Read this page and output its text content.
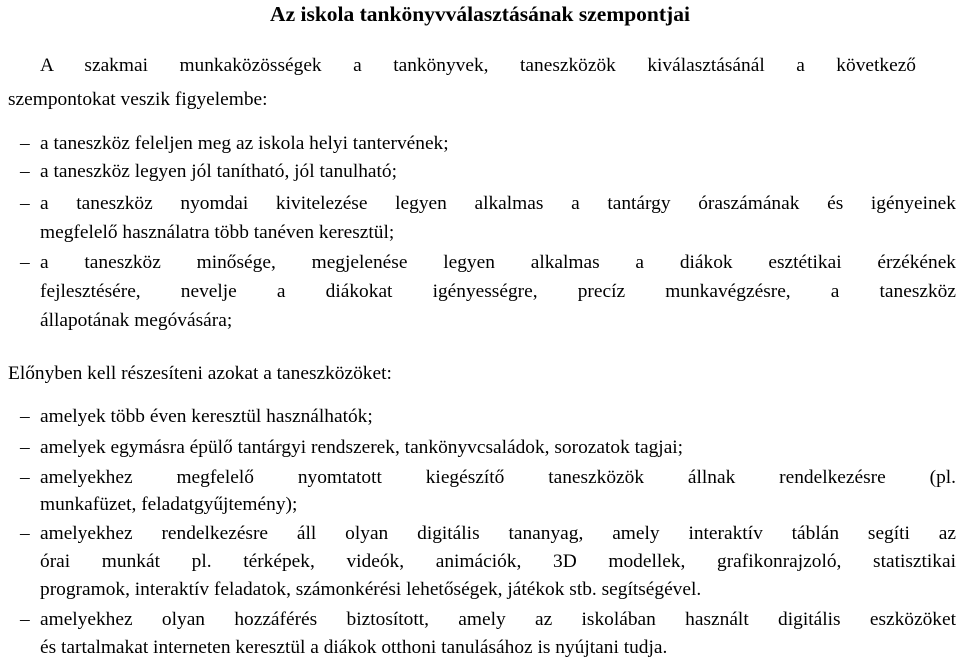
Az iskola tankönyvválasztásának szempontjai
A szakmai munkaközösségek a tankönyvek, taneszközök kiválasztásánál a következő
szempontokat veszik figyelembe:
– a taneszköz feleljen meg az iskola helyi tantervének;
– a taneszköz legyen jól tanítható, jól tanulható;
– a taneszköz nyomdai kivitelezése legyen alkalmas a tantárgy óraszámának és igényeinek
megfelelő használatra több tanéven keresztül;
– a taneszköz minősége, megjelenése legyen alkalmas a diákok esztétikai érzékének
fejlesztésére, nevelje a diákokat igényességre, precíz munkavégzésre, a taneszköz
állapotának megóvására;
Előnyben kell részesíteni azokat a taneszközöket:
– amelyek több éven keresztül használhatók;
– amelyek egymásra épülő tantárgyi rendszerek, tankönyvcsaládok, sorozatok tagjai;
– amelyekhez megfelelő nyomtatott kiegészítő taneszközök állnak rendelkezésre (pl.
munkafüzet, feladatgyűjtemény);
– amelyekhez rendelkezésre áll olyan digitális tananyag, amely interaktív táblán segíti az
órai munkát pl. térképek, videók, animációk, 3D modellek, grafikonrajzoló, statisztikai
programok, interaktív feladatok, számonkérési lehetőségek, játékok stb. segítségével.
– amelyekhez olyan hozzáférés biztosított, amely az iskolában használt digitális eszközöket
és tartalmakat interneten keresztül a diákok otthoni tanulásához is nyújtani tudja.
